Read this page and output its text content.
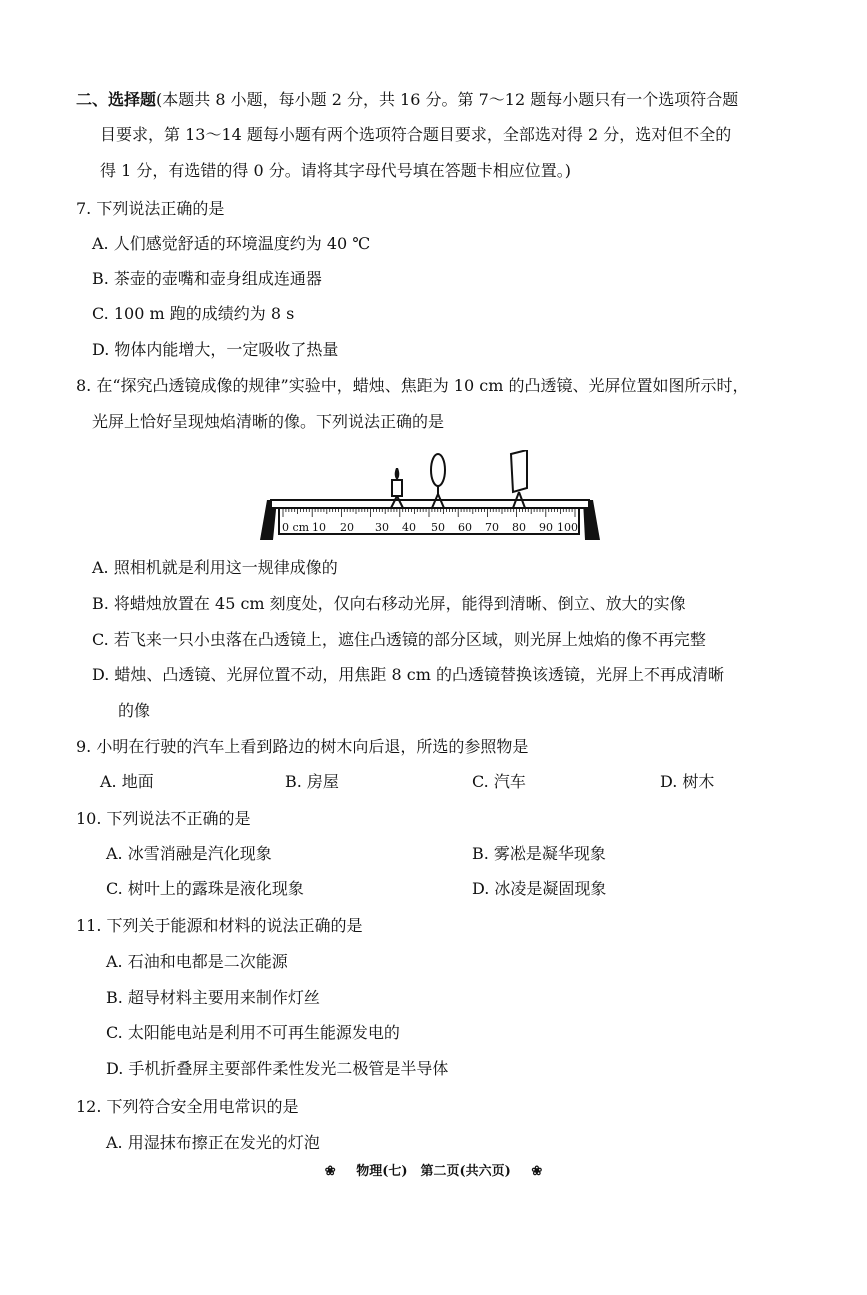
二、选择题(本题共 8 小题，每小题 2 分，共 16 分。第 7～12 题每小题只有一个选项符合题
目要求，第 13～14 题每小题有两个选项符合题目要求，全部选对得 2 分，选对但不全的
得 1 分，有选错的得 0 分。请将其字母代号填在答题卡相应位置。)
7. 下列说法正确的是
A. 人们感觉舒适的环境温度约为 40 ℃
B. 茶壶的壶嘴和壶身组成连通器
C. 100 m 跑的成绩约为 8 s
D. 物体内能增大，一定吸收了热量
8. 在“探究凸透镜成像的规律”实验中，蜡烛、焦距为 10 cm 的凸透镜、光屏位置如图所示时，
光屏上恰好呈现烛焰清晰的像。下列说法正确的是
0 cm 10 20 30 40 50 60 70 80 90 100
A. 照相机就是利用这一规律成像的
B. 将蜡烛放置在 45 cm 刻度处，仅向右移动光屏，能得到清晰、倒立、放大的实像
C. 若飞来一只小虫落在凸透镜上，遮住凸透镜的部分区域，则光屏上烛焰的像不再完整
D. 蜡烛、凸透镜、光屏位置不动，用焦距 8 cm 的凸透镜替换该透镜，光屏上不再成清晰
的像
9. 小明在行驶的汽车上看到路边的树木向后退，所选的参照物是
A. 地面	B. 房屋	C. 汽车	D. 树木
10. 下列说法不正确的是
A. 冰雪消融是汽化现象	B. 雾凇是凝华现象
C. 树叶上的露珠是液化现象	D. 冰凌是凝固现象
11. 下列关于能源和材料的说法正确的是
A. 石油和电都是二次能源
B. 超导材料主要用来制作灯丝
C. 太阳能电站是利用不可再生能源发电的
D. 手机折叠屏主要部件柔性发光二极管是半导体
12. 下列符合安全用电常识的是
A. 用湿抹布擦正在发光的灯泡
❀ 物理(七)　第二页(共六页) ❀
